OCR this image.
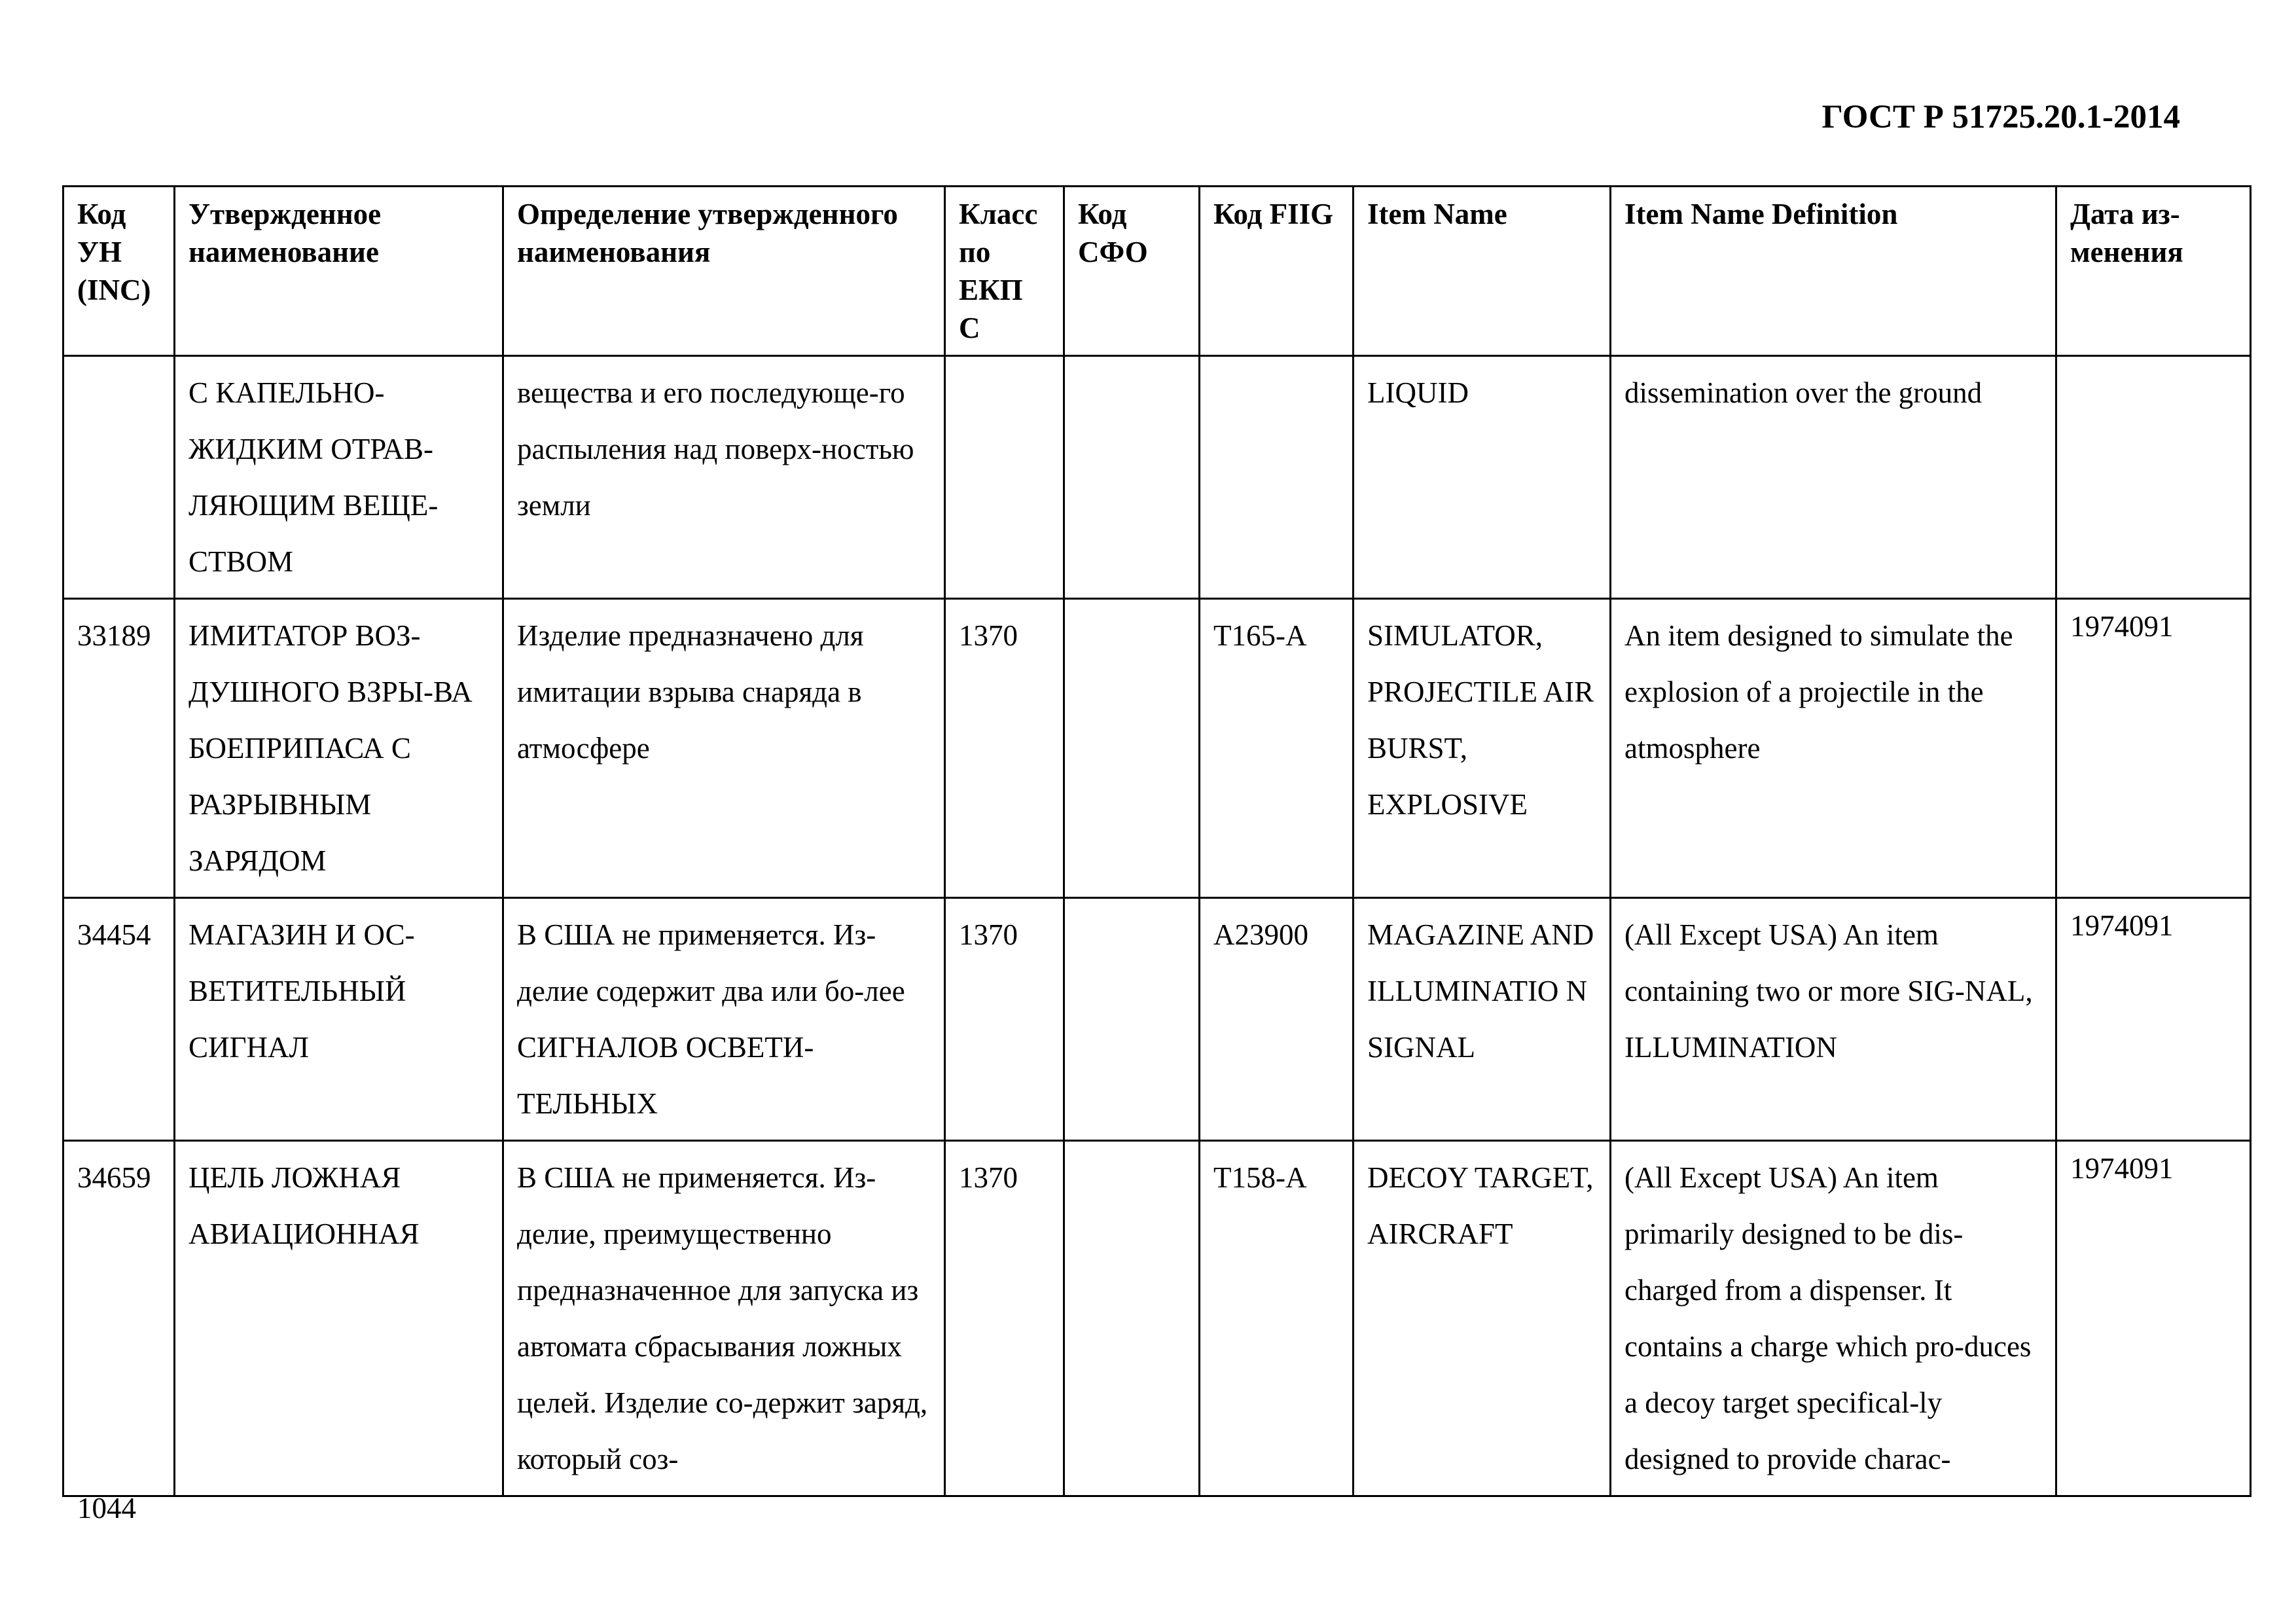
ГОСТ Р 51725.20.1-2014
Код УН (INC)	Утвержденное наименование	Определение утвержденного наименования	Класс по ЕКП С	Код СФО	Код FIIG	Item Name	Item Name Definition	Дата из-менения
	С КАПЕЛЬНО-ЖИДКИМ ОТРАВ-ЛЯЮЩИМ ВЕЩЕ-СТВОМ	вещества и его последующе-го распыления над поверх-ностью земли				LIQUID	dissemination over the ground	
33189	ИМИТАТОР ВОЗ-ДУШНОГО ВЗРЫ-ВА БОЕПРИПАСА С РАЗРЫВНЫМ ЗАРЯДОМ	Изделие предназначено для имитации взрыва снаряда в атмосфере	1370		T165-A	SIMULATOR, PROJECTILE AIR BURST, EXPLOSIVE	An item designed to simulate the explosion of a projectile in the atmosphere	1974091
34454	МАГАЗИН И ОС-ВЕТИТЕЛЬНЫЙ СИГНАЛ	В США не применяется. Из-делие содержит два или бо-лее СИГНАЛОВ ОСВЕТИ-ТЕЛЬНЫХ	1370		A23900	MAGAZINE AND ILLUMINATIO N SIGNAL	(All Except USA) An item containing two or more SIG-NAL, ILLUMINATION	1974091
34659	ЦЕЛЬ ЛОЖНАЯ АВИАЦИОННАЯ	В США не применяется. Из-делие, преимущественно предназначенное для запуска из автомата сбрасывания ложных целей. Изделие со-держит заряд, который соз-	1370		T158-A	DECOY TARGET, AIRCRAFT	(All Except USA) An item primarily designed to be dis-charged from a dispenser. It contains a charge which pro-duces a decoy target specifical-ly designed to provide charac-	1974091
1044
